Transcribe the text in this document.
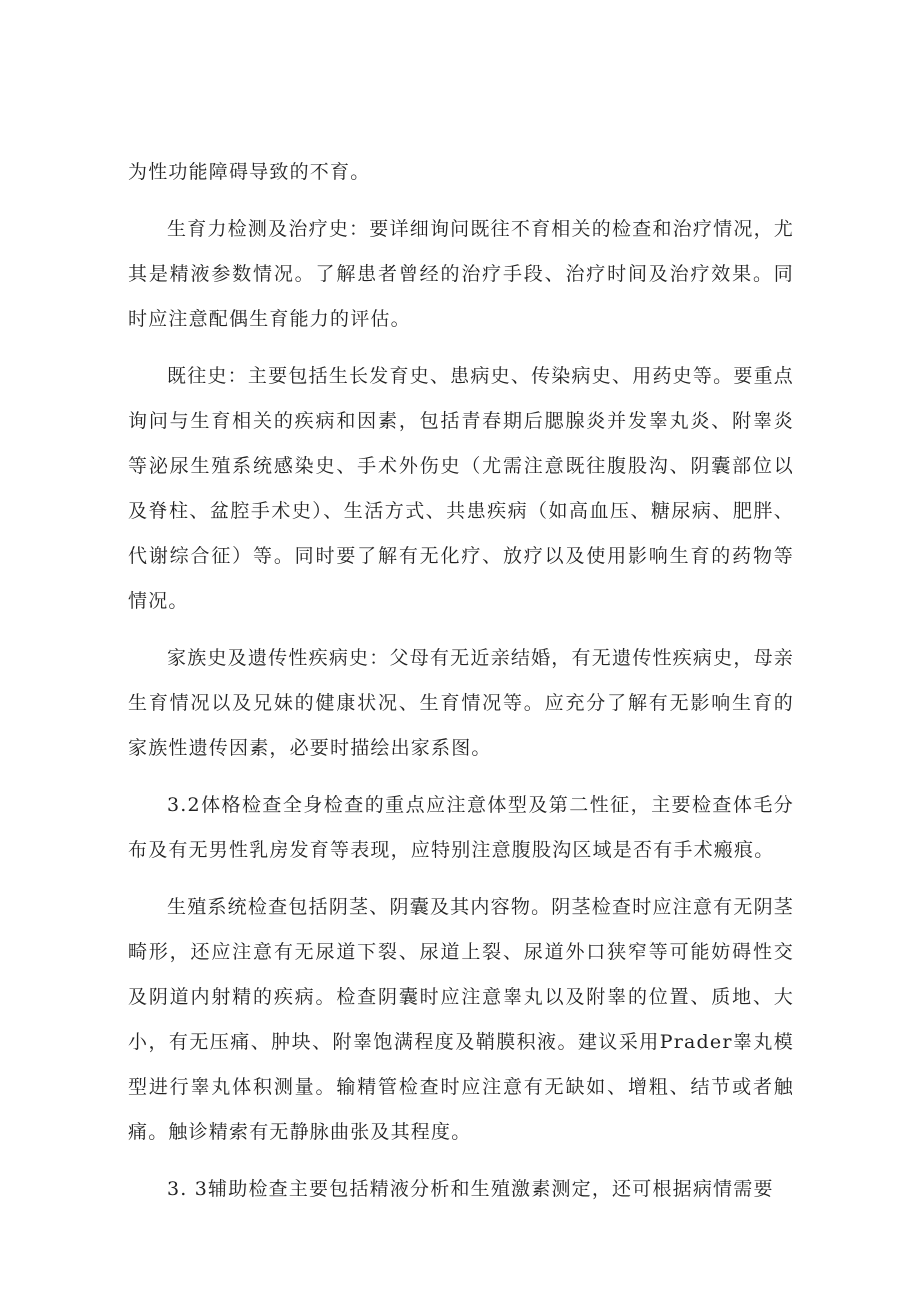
为性功能障碍导致的不育。

生育力检测及治疗史：要详细询问既往不育相关的检查和治疗情况，尤其是精液参数情况。了解患者曾经的治疗手段、治疗时间及治疗效果。同时应注意配偶生育能力的评估。

既往史：主要包括生长发育史、患病史、传染病史、用药史等。要重点询问与生育相关的疾病和因素，包括青春期后腮腺炎并发睾丸炎、附睾炎等泌尿生殖系统感染史、手术外伤史（尤需注意既往腹股沟、阴囊部位以及脊柱、盆腔手术史）、生活方式、共患疾病（如高血压、糖尿病、肥胖、代谢综合征）等。同时要了解有无化疗、放疗以及使用影响生育的药物等情况。

家族史及遗传性疾病史：父母有无近亲结婚，有无遗传性疾病史，母亲生育情况以及兄妹的健康状况、生育情况等。应充分了解有无影响生育的家族性遗传因素，必要时描绘出家系图。

3.2体格检查全身检查的重点应注意体型及第二性征，主要检查体毛分布及有无男性乳房发育等表现，应特别注意腹股沟区域是否有手术瘢痕。

生殖系统检查包括阴茎、阴囊及其内容物。阴茎检查时应注意有无阴茎畸形，还应注意有无尿道下裂、尿道上裂、尿道外口狭窄等可能妨碍性交及阴道内射精的疾病。检查阴囊时应注意睾丸以及附睾的位置、质地、大小，有无压痛、肿块、附睾饱满程度及鞘膜积液。建议采用Prader睾丸模型进行睾丸体积测量。输精管检查时应注意有无缺如、增粗、结节或者触痛。触诊精索有无静脉曲张及其程度。

3. 3辅助检查主要包括精液分析和生殖激素测定，还可根据病情需要
